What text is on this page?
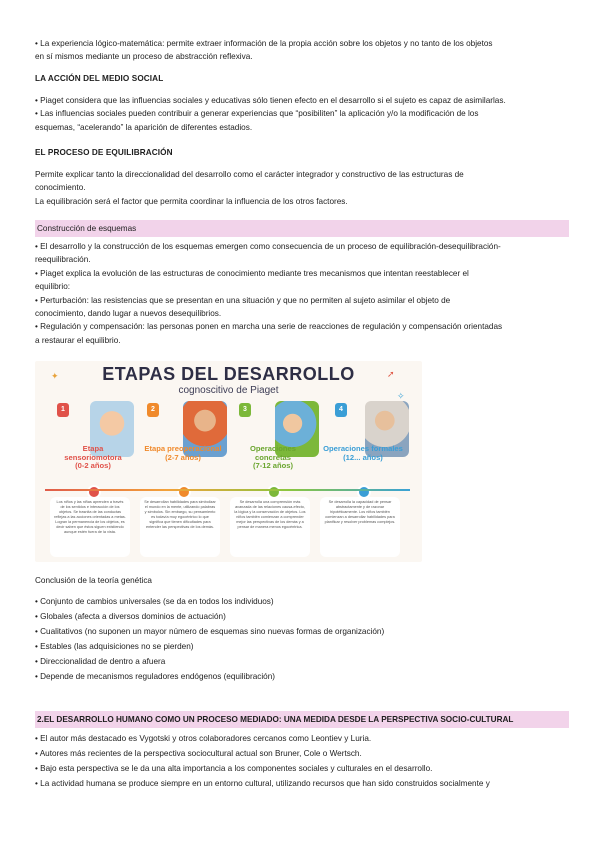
• La experiencia lógico-matemática: permite extraer información de la propia acción sobre los objetos y no tanto de los objetos

en sí mismos mediante un proceso de abstracción reflexiva.

LA ACCIÓN DEL MEDIO SOCIAL

• Piaget considera que las influencias sociales y educativas sólo tienen efecto en el desarrollo si el sujeto es capaz de asimilarlas.

• Las influencias sociales pueden contribuir a generar experiencias que “posibiliten” la aplicación y/o la modificación de los

esquemas, “acelerando” la aparición de diferentes estadios.

EL PROCESO DE EQUILIBRACIÓN

Permite explicar tanto la direccionalidad del desarrollo como el carácter integrador y constructivo de las estructuras de

conocimiento.

La equilibración será el factor que permita coordinar la influencia de los otros factores.

Construcción de esquemas

• El desarrollo y la construcción de los esquemas emergen como consecuencia de un proceso de equilibración-desequilibración-

reequilibración.

• Piaget explica la evolución de las estructuras de conocimiento mediante tres mecanismos que intentan reestablecer el

equilibrio:

• Perturbación: las resistencias que se presentan en una situación y que no permiten al sujeto asimilar el objeto de

conocimiento, dando lugar a nuevos desequilibrios.

• Regulación y compensación: las personas ponen en marcha una serie de reacciones de regulación y compensación orientadas

a restaurar el equilibrio.

✦	➚
✧
ETAPAS DEL DESARROLLO
cognoscitivo de Piaget
1
Etapa sensoriomotora
(0-2 años)
Los niños y las niñas aprenden a través de los sentidos e interacción de los objetos. Se trasnita de las conductas reflejas a las acciones orientadas a metas. Logran la permanencia de los objetos, es decir saben que éstos siguen existiendo aunque estén fuera de la vista.
2
Etapa preoperacional
(2-7 años)
Se desarrollan habilidades para simbolizar el mundo en la mente, utilizando palabras y símbolos. Sin embargo, su pensamiento es todavía muy egocéntrico lo que significa que tienen dificultades para entender las perspectivas de los demás.
3
Operaciones concretas
(7-12 años)
Se desarrolla una comprensión más avanzada de las relaciones causa-efecto, la lógica y la conservación de objetos. Los niños también comienzan a comprender mejor las perspectivas de los demás y a pensar de manera menos egocéntrica.
4
Operaciones formales
(12... años)
Se desarrolla la capacidad de pensar abstractamente y de razonar hipotéticamente. Los niños también comienzan a desarrollar habilidades para planificar y resolver problemas complejos.
Conclusión de la teoría genética

• Conjunto de cambios universales (se da en todos los individuos)

• Globales (afecta a diversos dominios de actuación)

• Cualitativos (no suponen un mayor número de esquemas sino nuevas formas de organización)

• Estables (las adquisiciones no se pierden)

• Direccionalidad de dentro a afuera

• Depende de mecanismos reguladores endógenos (equilibración)

2.EL DESARROLLO HUMANO COMO UN PROCESO MEDIADO: UNA MEDIDA DESDE LA PERSPECTIVA SOCIO-CULTURAL

• El autor más destacado es Vygotski y otros colaboradores cercanos como Leontiev y Luria.

• Autores más recientes de la perspectiva sociocultural actual son Bruner, Cole o Wertsch.

• Bajo esta perspectiva se le da una alta importancia a los componentes sociales y culturales en el desarrollo.

• La actividad humana se produce siempre en un entorno cultural, utilizando recursos que han sido construidos socialmente y
